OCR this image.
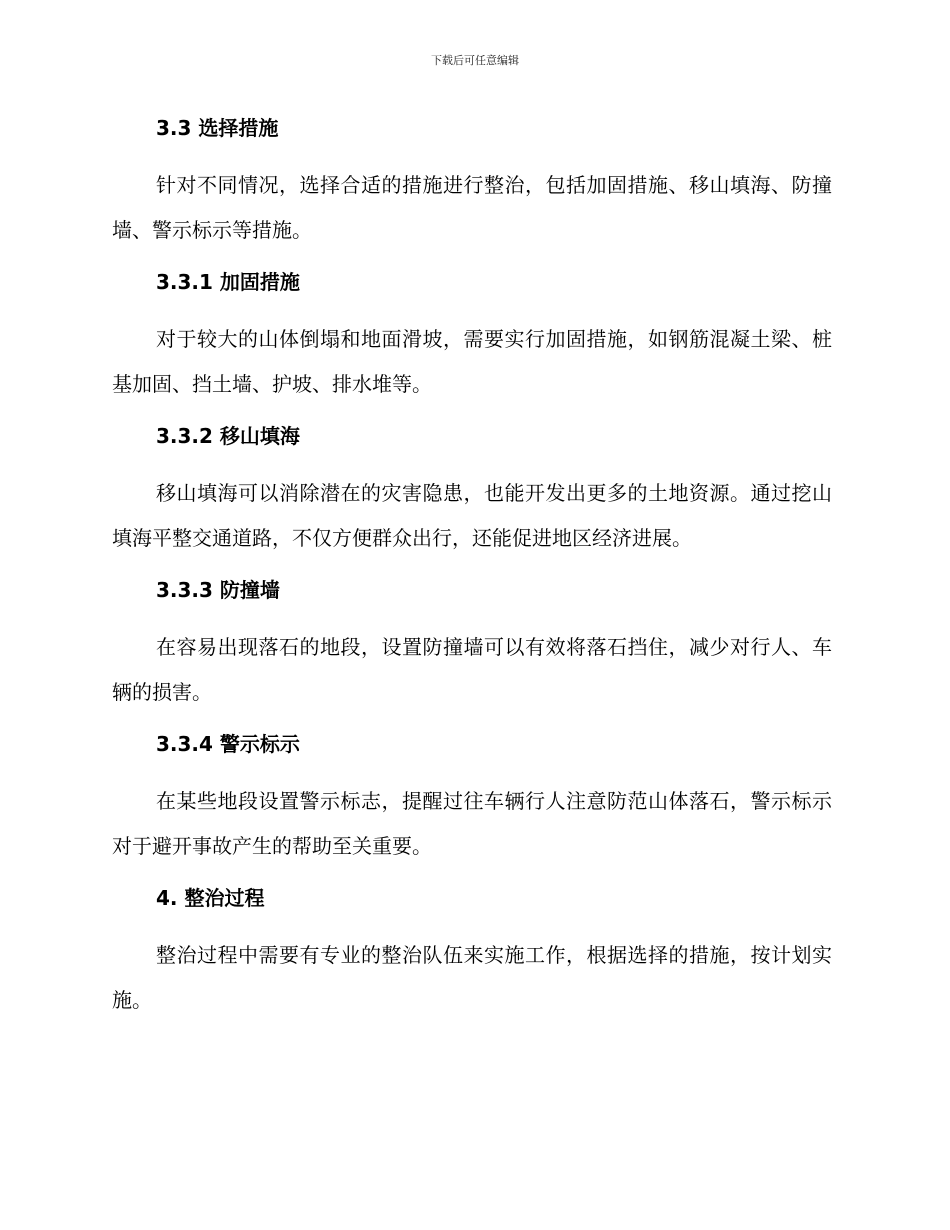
下载后可任意编辑
3.3 选择措施

针对不同情况，选择合适的措施进行整治，包括加固措施、移山填海、防撞墙、警示标示等措施。

3.3.1 加固措施

对于较大的山体倒塌和地面滑坡，需要实行加固措施，如钢筋混凝土梁、桩基加固、挡土墙、护坡、排水堆等。

3.3.2 移山填海

移山填海可以消除潜在的灾害隐患，也能开发出更多的土地资源。通过挖山填海平整交通道路，不仅方便群众出行，还能促进地区经济进展。

3.3.3 防撞墙

在容易出现落石的地段，设置防撞墙可以有效将落石挡住，减少对行人、车辆的损害。

3.3.4 警示标示

在某些地段设置警示标志，提醒过往车辆行人注意防范山体落石，警示标示对于避开事故产生的帮助至关重要。

4. 整治过程

整治过程中需要有专业的整治队伍来实施工作，根据选择的措施，按计划实施。
